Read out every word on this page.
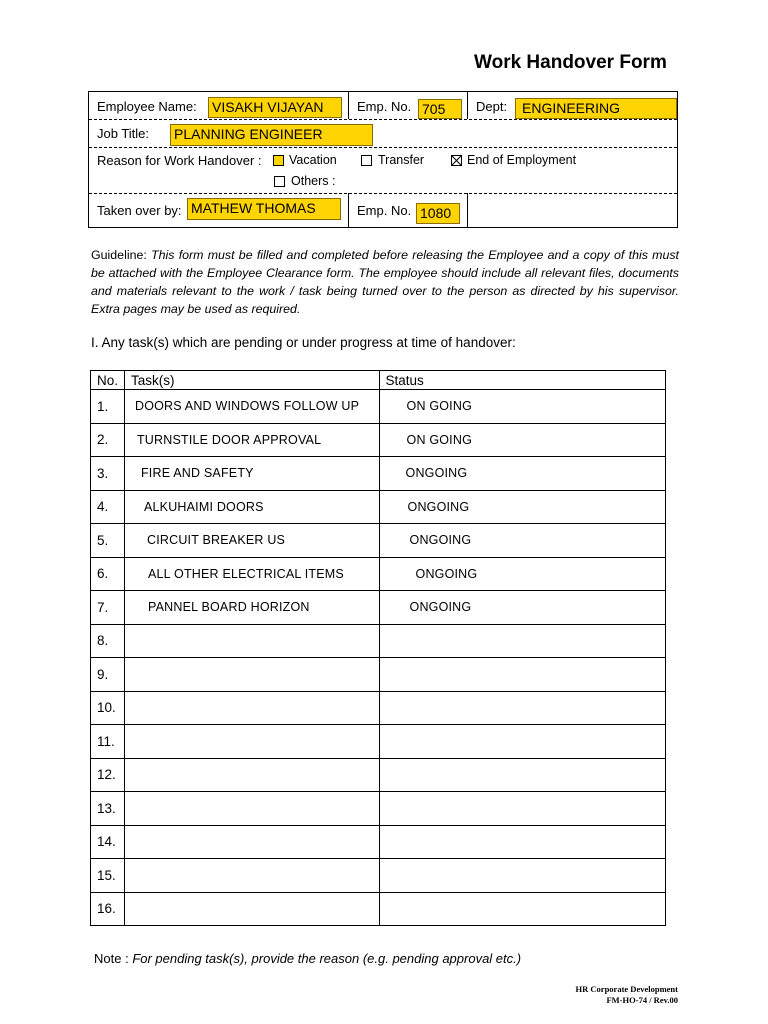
Work Handover Form
Employee Name: VISAKH VIJAYAN	Emp. No. 705	Dept:	ENGINEERING
Job Title: PLANNING ENGINEER
Reason for Work Handover : Vacation	Transfer	End of Employment
Others :
Taken over by: MATHEW THOMAS	Emp. No. 1080
Guideline: This form must be filled and completed before releasing the Employee and a copy of this must be attached with the Employee Clearance form. The employee should include all relevant files, documents and materials relevant to the work / task being turned over to the person as directed by his supervisor. Extra pages may be used as required.
I. Any task(s) which are pending or under progress at time of handover:
No.	Task(s)	Status
1.	DOORS AND WINDOWS FOLLOW UP	ON GOING
2.	TURNSTILE DOOR APPROVAL	ON GOING
3.	FIRE AND SAFETY	ONGOING
4.	ALKUHAIMI DOORS	ONGOING
5.	CIRCUIT BREAKER US	ONGOING
6.	ALL OTHER ELECTRICAL ITEMS	ONGOING
7.	PANNEL BOARD HORIZON	ONGOING
8.		
9.		
10.		
11.		
12.		
13.		
14.		
15.		
16.		
Note : For pending task(s), provide the reason (e.g. pending approval etc.)
HR Corporate Development
FM-HO-74 / Rev.00
